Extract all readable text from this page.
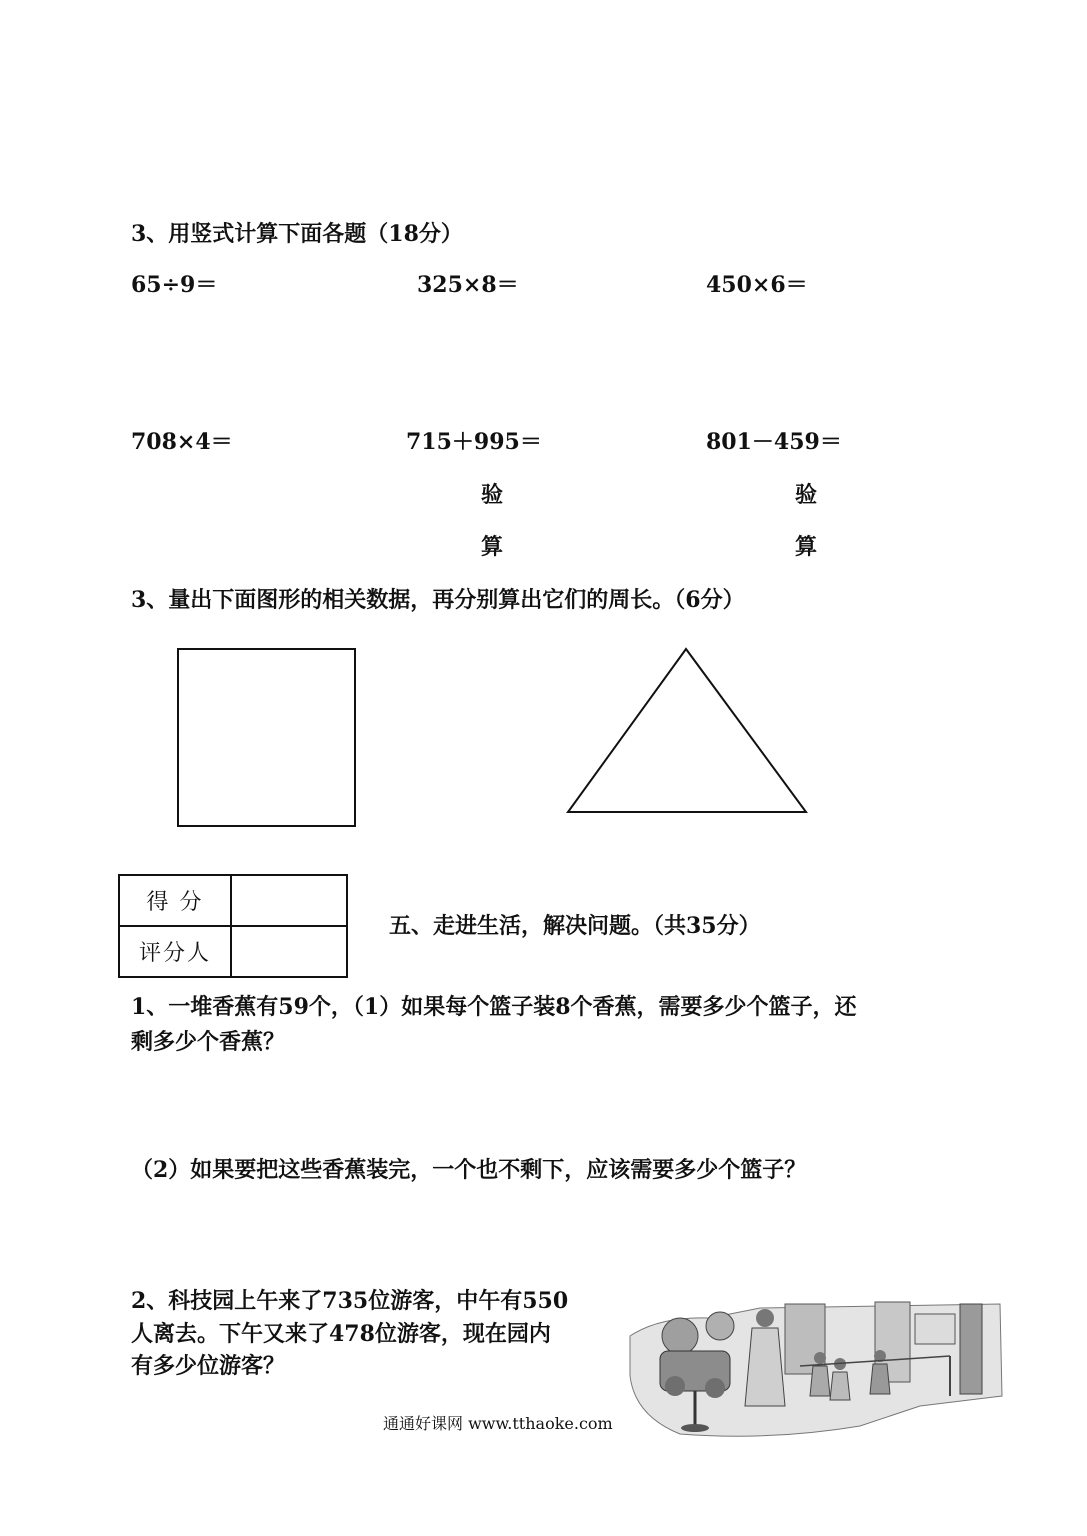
3、用竖式计算下面各题（18分）
65÷9＝	325×8＝	450×6＝
708×4＝	715＋995＝	801－459＝
验
算
验
算
3、量出下面图形的相关数据，再分别算出它们的周长。（6分）
得 分	
评分人	
五、走进生活，解决问题。（共35分）
1、一堆香蕉有59个，（1）如果每个篮子装8个香蕉，需要多少个篮子，还
剩多少个香蕉？
（2）如果要把这些香蕉装完，一个也不剩下，应该需要多少个篮子？
2、科技园上午来了735位游客，中午有550
人离去。下午又来了478位游客，现在园内
有多少位游客？
通通好课网 www.tthaoke.com
